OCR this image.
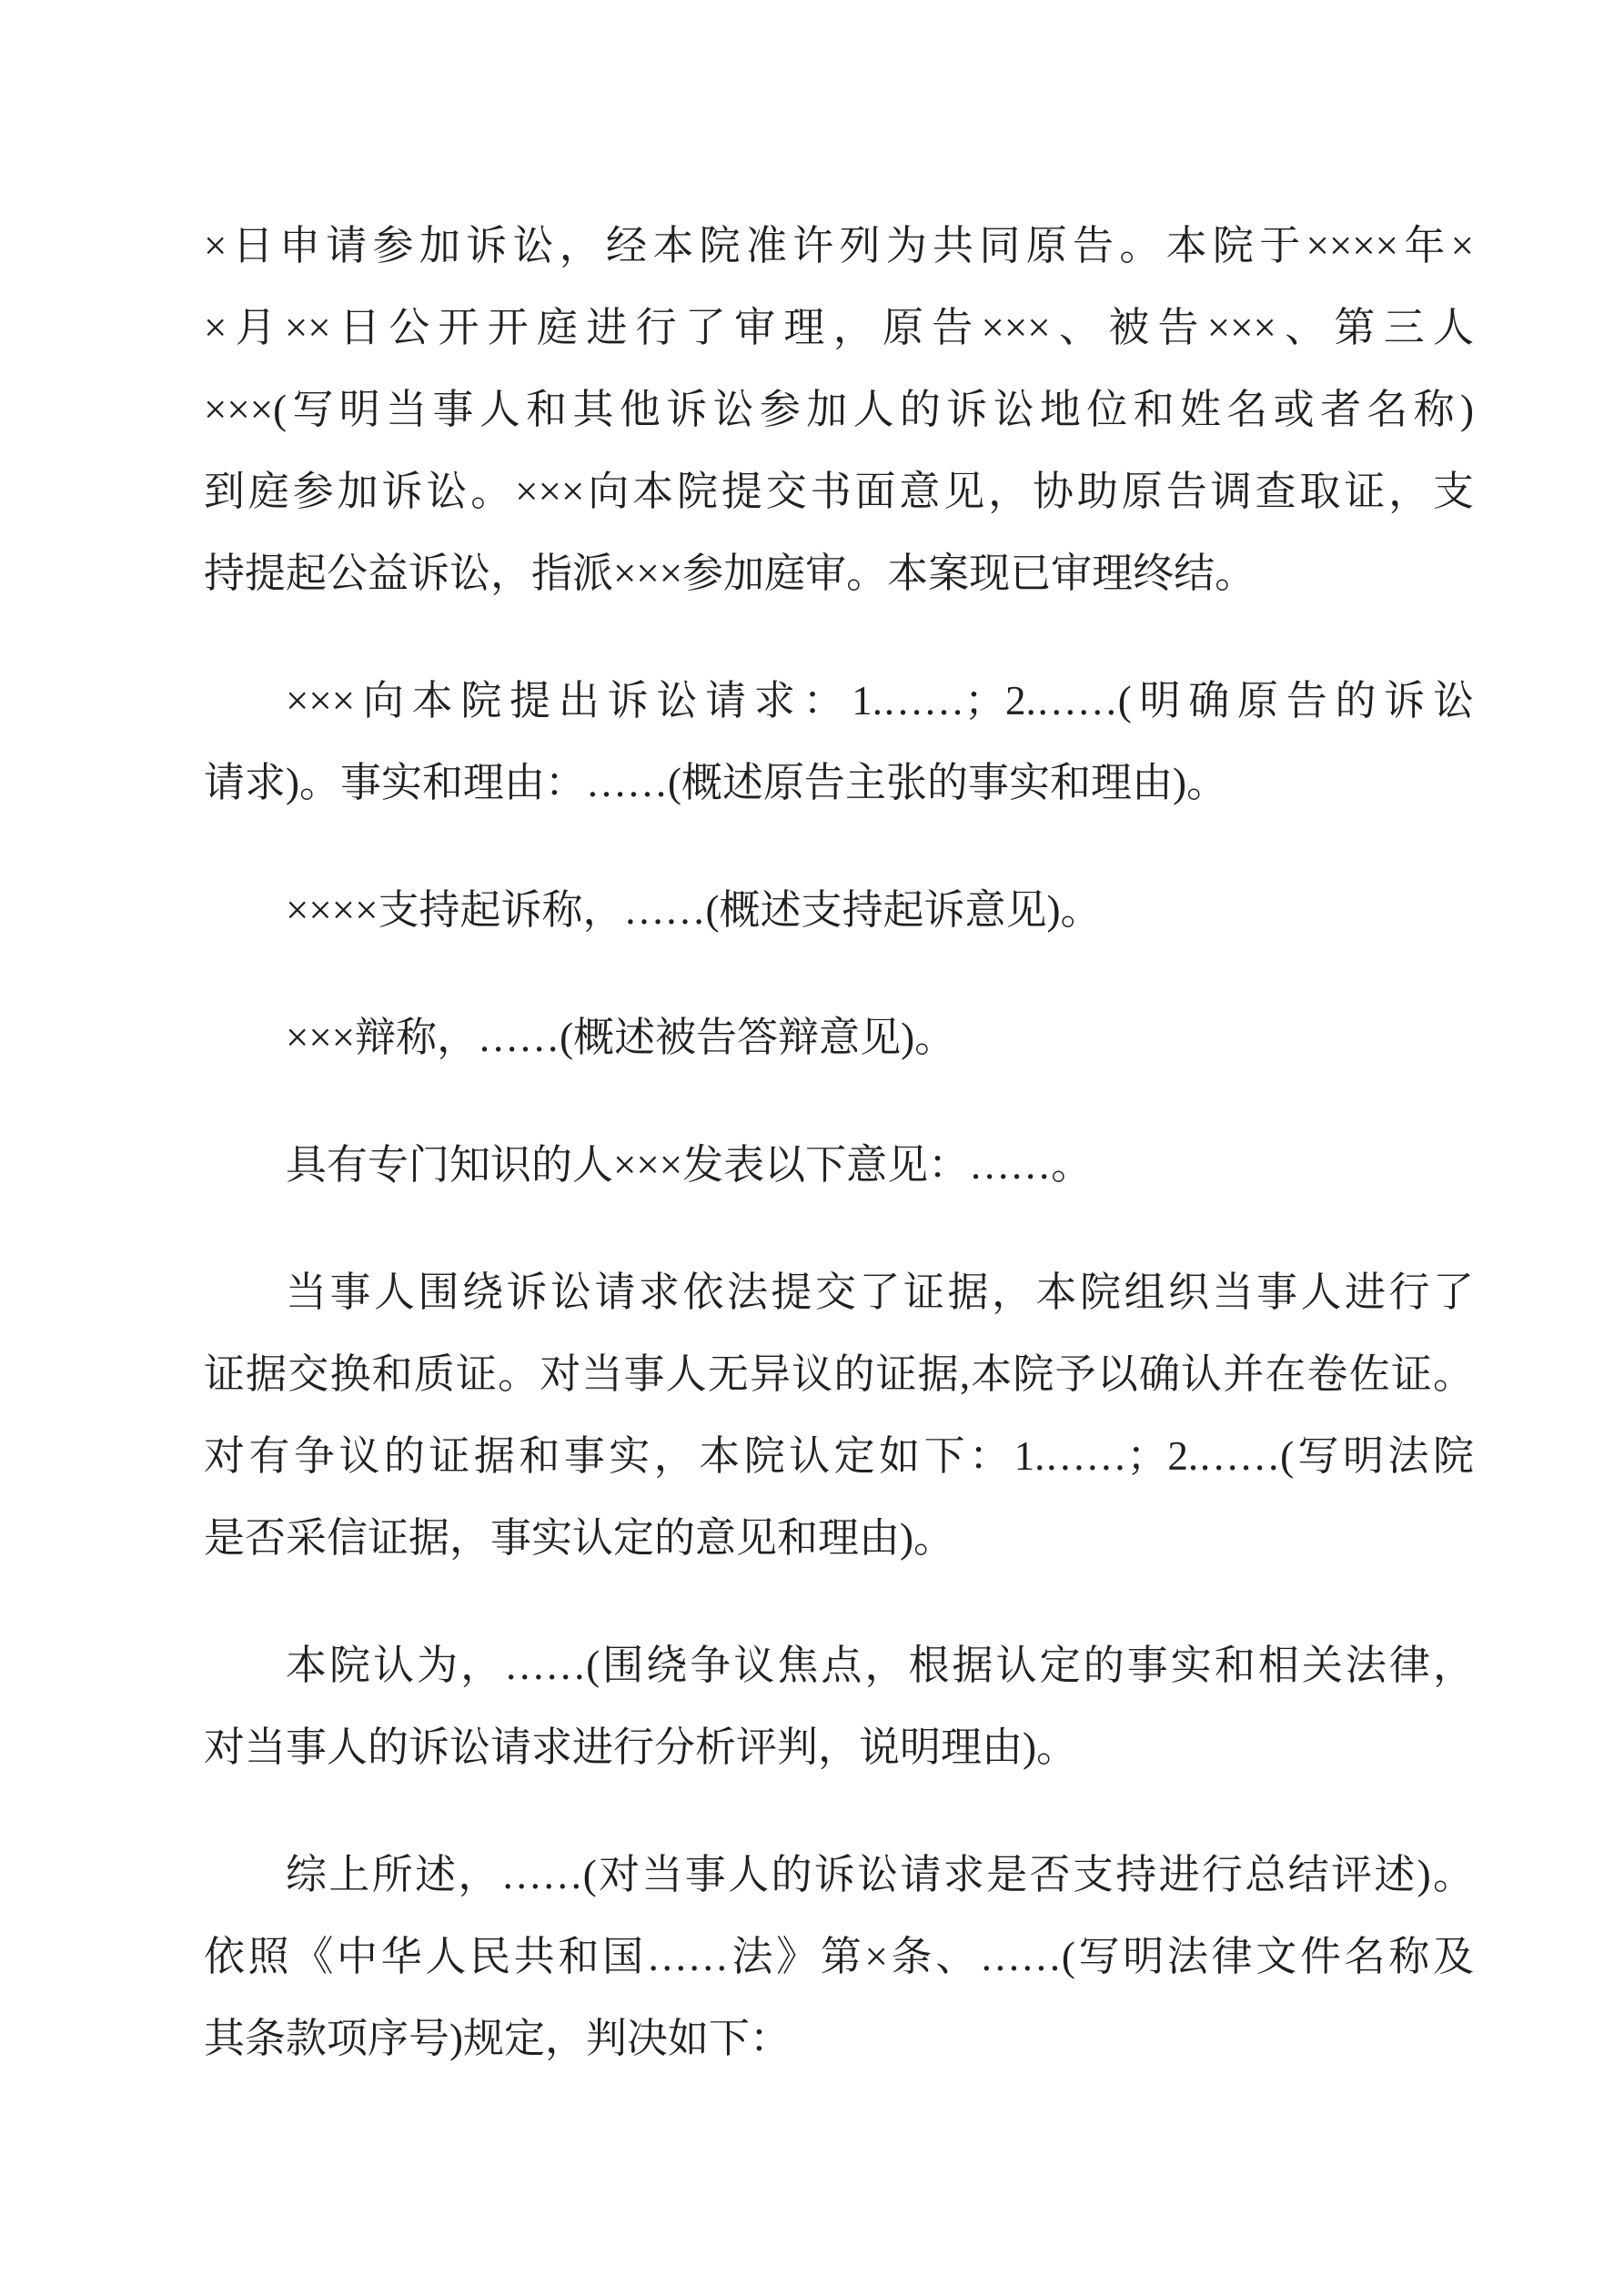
×日申请参加诉讼，经本院准许列为共同原告。本院于××××年×
×月××日公开开庭进行了审理，原告×××、被告×××、第三人
×××(写明当事人和其他诉讼参加人的诉讼地位和姓名或者名称)
到庭参加诉讼。×××向本院提交书面意见，协助原告调查取证，支
持提起公益诉讼，指派×××参加庭审。本案现已审理终结。
×××向本院提出诉讼请求：1.……；2.……(明确原告的诉讼
请求)。事实和理由：……(概述原告主张的事实和理由)。
××××支持起诉称，……(概述支持起诉意见)。
×××辩称，……(概述被告答辩意见)。
具有专门知识的人×××发表以下意见：……。
当事人围绕诉讼请求依法提交了证据，本院组织当事人进行了
证据交换和质证。对当事人无异议的证据,本院予以确认并在卷佐证。
对有争议的证据和事实，本院认定如下：1.……；2.……(写明法院
是否采信证据，事实认定的意见和理由)。
本院认为，……(围绕争议焦点，根据认定的事实和相关法律，
对当事人的诉讼请求进行分析评判，说明理由)。
综上所述，……(对当事人的诉讼请求是否支持进行总结评述)。
依照《中华人民共和国……法》第×条、……(写明法律文件名称及
其条款项序号)规定，判决如下：
